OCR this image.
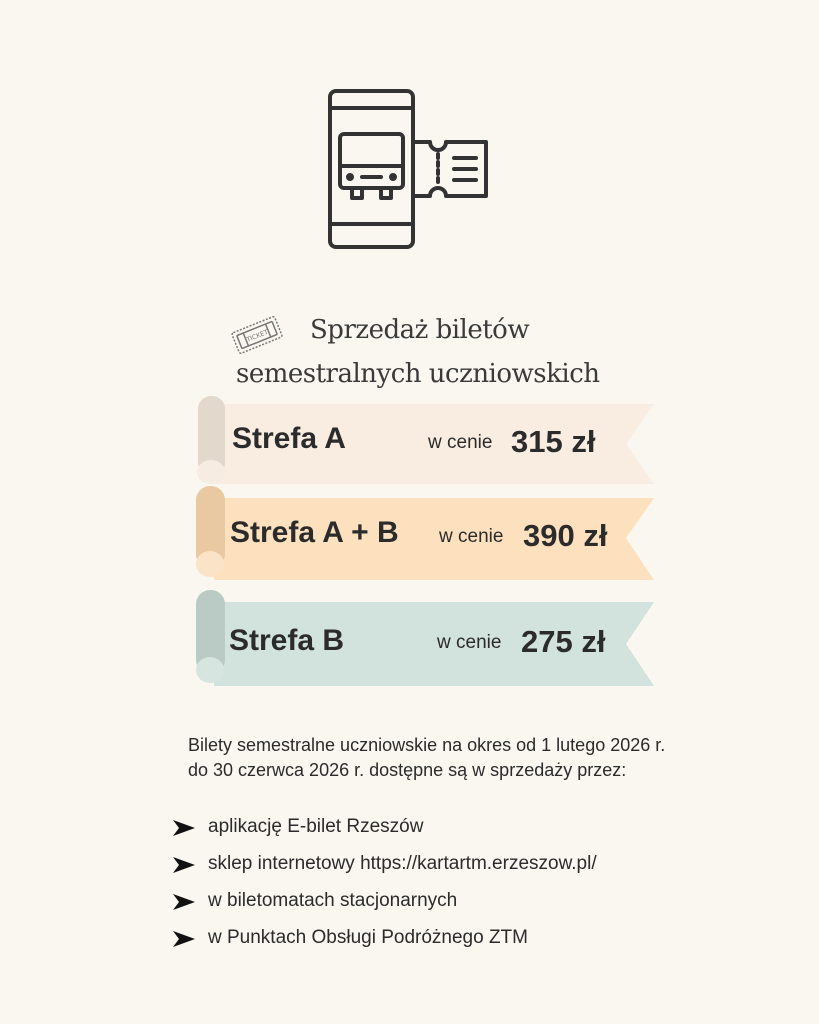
Sprzedaż biletów
semestralnych uczniowskich
TICKET
Strefa A	w cenie 315 zł
Strefa A + B w cenie 390 zł
Strefa B	w cenie 275 zł
Bilety semestralne uczniowskie na okres od 1 lutego 2026 r. do 30 czerwca 2026 r. dostępne są w sprzedaży przez:
aplikację E-bilet Rzeszów
sklep internetowy https://kartartm.erzeszow.pl/
w biletomatach stacjonarnych
w Punktach Obsługi Podróżnego ZTM
